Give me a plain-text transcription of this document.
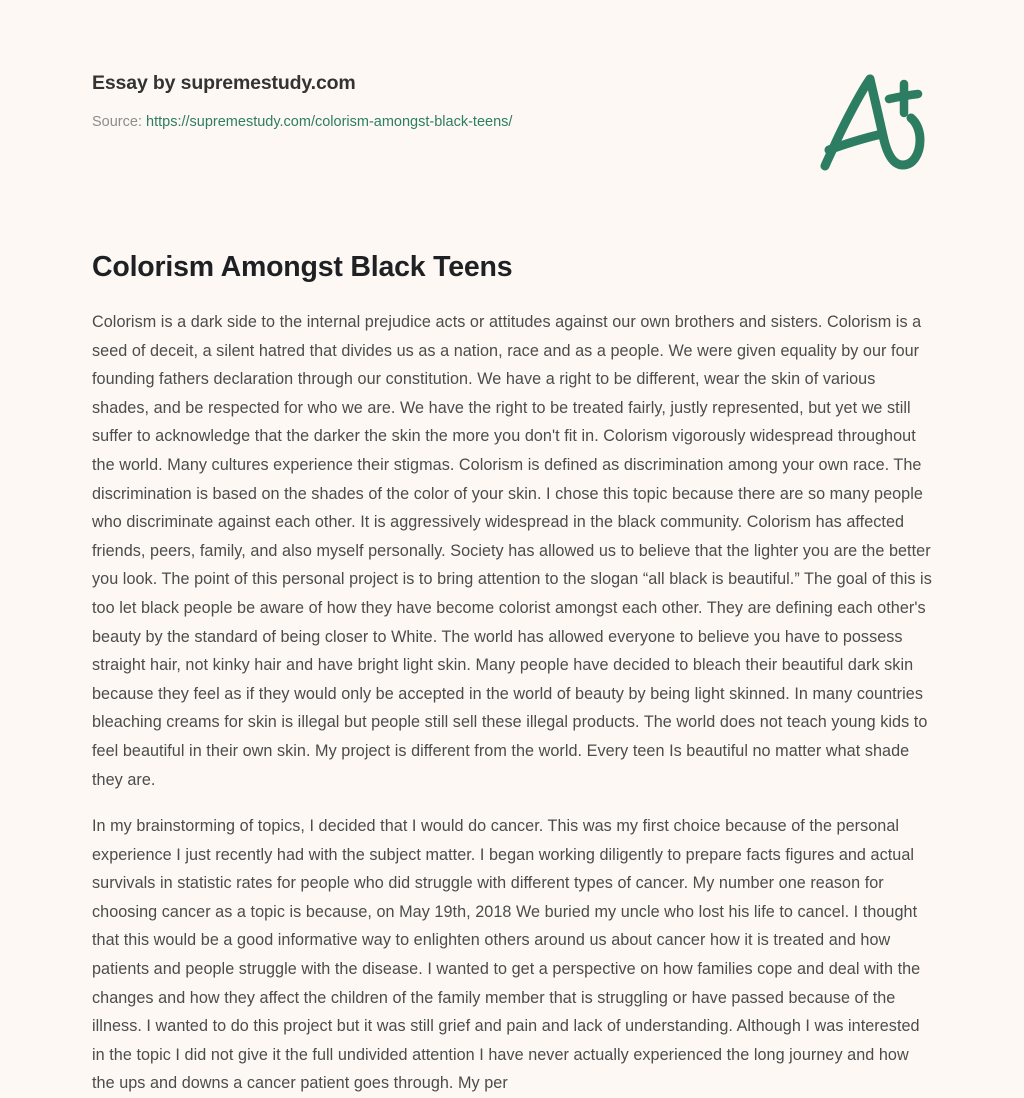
Essay by supremestudy.com
Source: https://supremestudy.com/colorism-amongst-black-teens/
Colorism Amongst Black Teens

Colorism is a dark side to the internal prejudice acts or attitudes against our own brothers and sisters. Colorism is a seed of deceit, a silent hatred that divides us as a nation, race and as a people. We were given equality by our four founding fathers declaration through our constitution. We have a right to be different, wear the skin of various shades, and be respected for who we are. We have the right to be treated fairly, justly represented, but yet we still suffer to acknowledge that the darker the skin the more you don't fit in. Colorism vigorously widespread throughout the world. Many cultures experience their stigmas. Colorism is defined as discrimination among your own race. The discrimination is based on the shades of the color of your skin. I chose this topic because there are so many people who discriminate against each other. It is aggressively widespread in the black community. Colorism has affected friends, peers, family, and also myself personally. Society has allowed us to believe that the lighter you are the better you look. The point of this personal project is to bring attention to the slogan “all black is beautiful.” The goal of this is too let black people be aware of how they have become colorist amongst each other. They are defining each other's beauty by the standard of being closer to White. The world has allowed everyone to believe you have to possess straight hair, not kinky hair and have bright light skin. Many people have decided to bleach their beautiful dark skin because they feel as if they would only be accepted in the world of beauty by being light skinned. In many countries bleaching creams for skin is illegal but people still sell these illegal products. The world does not teach young kids to feel beautiful in their own skin. My project is different from the world. Every teen Is beautiful no matter what shade they are.

In my brainstorming of topics, I decided that I would do cancer. This was my first choice because of the personal experience I just recently had with the subject matter. I began working diligently to prepare facts figures and actual survivals in statistic rates for people who did struggle with different types of cancer. My number one reason for choosing cancer as a topic is because, on May 19th, 2018 We buried my uncle who lost his life to cancel. I thought that this would be a good informative way to enlighten others around us about cancer how it is treated and how patients and people struggle with the disease. I wanted to get a perspective on how families cope and deal with the changes and how they affect the children of the family member that is struggling or have passed because of the illness. I wanted to do this project but it was still grief and pain and lack of understanding. Although I was interested in the topic I did not give it the full undivided attention I have never actually experienced the long journey and how the ups and downs a cancer patient goes through. My per
